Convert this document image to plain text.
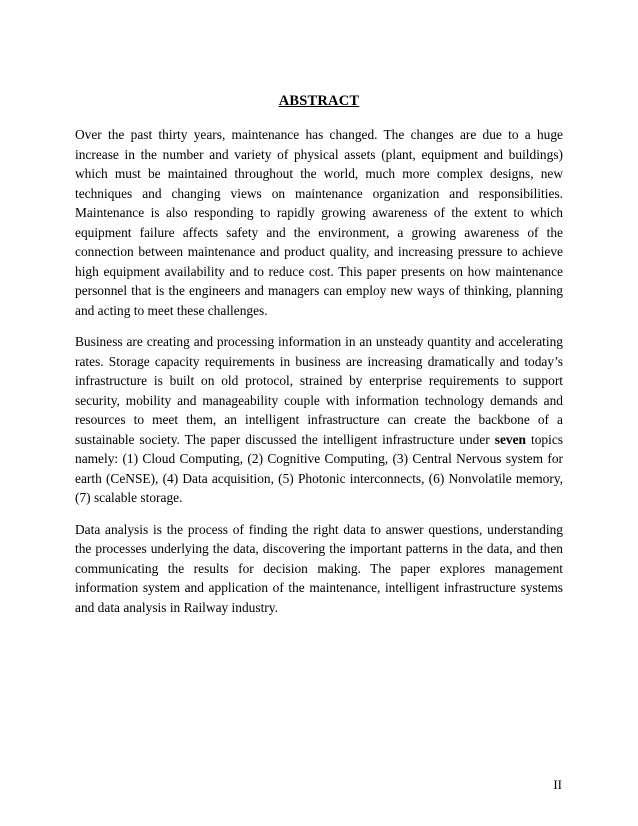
ABSTRACT

Over the past thirty years, maintenance has changed. The changes are due to a huge increase in the number and variety of physical assets (plant, equipment and buildings) which must be maintained throughout the world, much more complex designs, new techniques and changing views on maintenance organization and responsibilities. Maintenance is also responding to rapidly growing awareness of the extent to which equipment failure affects safety and the environment, a growing awareness of the connection between maintenance and product quality, and increasing pressure to achieve high equipment availability and to reduce cost. This paper presents on how maintenance personnel that is the engineers and managers can employ new ways of thinking, planning and acting to meet these challenges.

Business are creating and processing information in an unsteady quantity and accelerating rates. Storage capacity requirements in business are increasing dramatically and today’s infrastructure is built on old protocol, strained by enterprise requirements to support security, mobility and manageability couple with information technology demands and resources to meet them, an intelligent infrastructure can create the backbone of a sustainable society. The paper discussed the intelligent infrastructure under seven topics namely: (1) Cloud Computing, (2) Cognitive Computing, (3) Central Nervous system for earth (CeNSE), (4) Data acquisition, (5) Photonic interconnects, (6) Nonvolatile memory, (7) scalable storage.

Data analysis is the process of finding the right data to answer questions, understanding the processes underlying the data, discovering the important patterns in the data, and then communicating the results for decision making. The paper explores management information system and application of the maintenance, intelligent infrastructure systems and data analysis in Railway industry.

II
